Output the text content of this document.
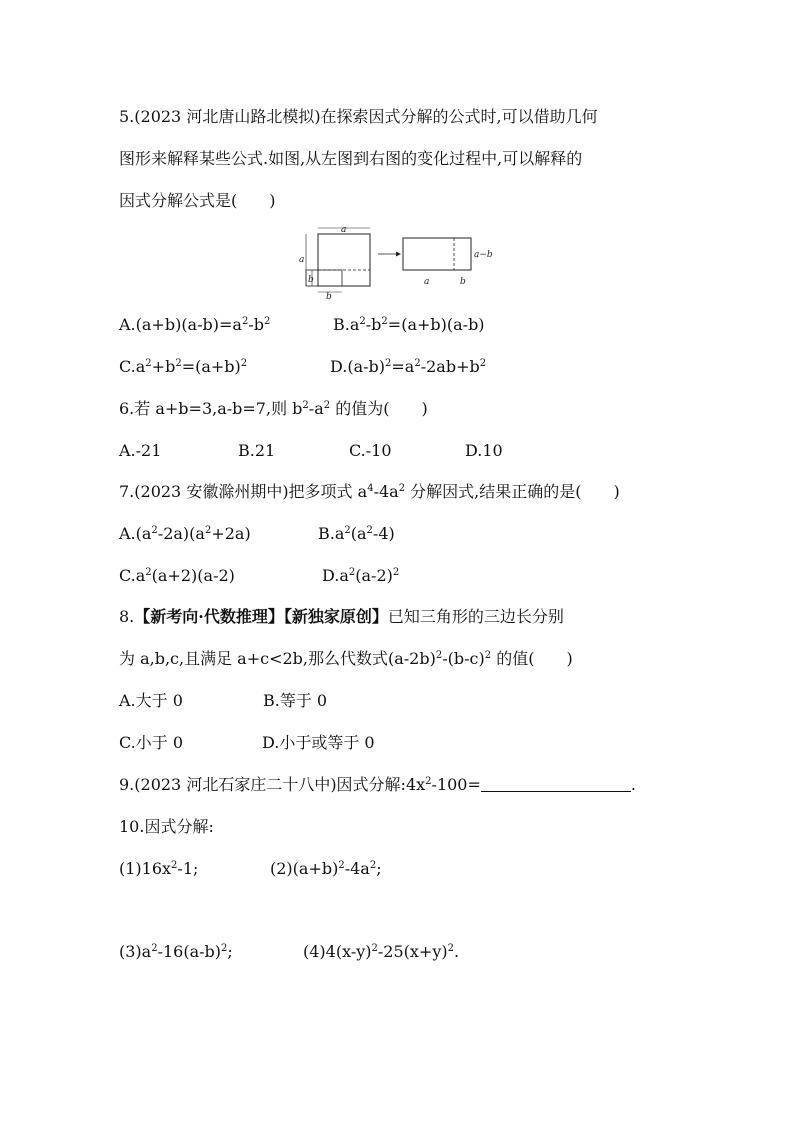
5.(2023 河北唐山路北模拟)在探索因式分解的公式时,可以借助几何
图形来解释某些公式.如图,从左图到右图的变化过程中,可以解释的
因式分解公式是(　　)
a
a
b
b
a−b
a	b
$A.(a+b)(a-b)=a^2-b^2$	$B.a^2-b^2=(a+b)(a-b)$
$C.a^2+b^2=(a+b)^2$	$D.(a-b)^2=a^2-2ab+b^2$
6.若 a+b=3,a-b=7,则 $b^2-a^2$ 的值为(　　)
A.-21	B.21	C.-10	D.10
7.(2023 安徽滁州期中)把多项式 $a^4-4a^2$ 分解因式,结果正确的是(　　)
$A.(a^2-2a)(a^2+2a)$	$B.a^2(a^2-4)$
$C.a^2(a+2)(a-2)$	$D.a^2(a-2)^2$
8.【新考向·代数推理】【新独家原创】已知三角形的三边长分别
为 a,b,c,且满足 a+c<2b,那么代数式$(a-2b)^2-(b-c)^2$ 的值(　　)
A.大于 0	B.等于 0
C.小于 0	D.小于或等于 0
9.(2023 河北石家庄二十八中)因式分解$:4x^2-100=$	.
10.因式分解:
$(1)16x^2-1$;	$(2)(a+b)^2-4a^2$;
$(3)a^2-16(a-b)^2$;	$(4)4(x-y)^2-25(x+y)^2$.
